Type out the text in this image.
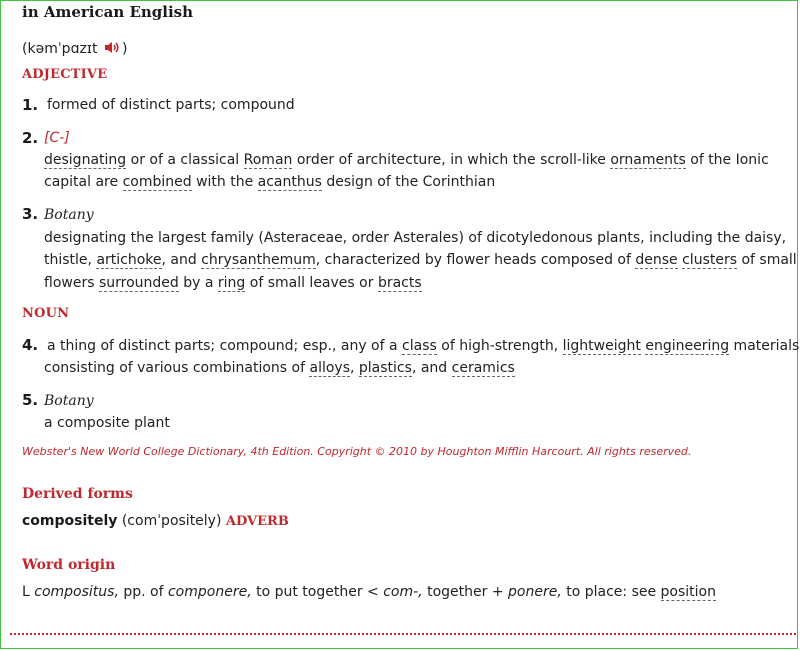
in American English
(kəmˈpɑzɪt )
ADJECTIVE
1. formed of distinct parts; compound
2. [C-]
designating or of a classical Roman order of architecture, in which the scroll-like ornaments of the Ionic
capital are combined with the acanthus design of the Corinthian
3. Botany
designating the largest family (Asteraceae, order Asterales) of dicotyledonous plants, including the daisy,
thistle, artichoke, and chrysanthemum, characterized by flower heads composed of dense clusters of small
flowers surrounded by a ring of small leaves or bracts
NOUN
4. a thing of distinct parts; compound; esp., any of a class of high-strength, lightweight engineering materials
consisting of various combinations of alloys, plastics, and ceramics
5. Botany
a composite plant
Webster's New World College Dictionary, 4th Edition. Copyright © 2010 by Houghton Mifflin Harcourt. All rights reserved.
Derived forms
compositely (comˈpositely) ADVERB
Word origin
L compositus, pp. of componere, to put together < com-, together + ponere, to place: see position
